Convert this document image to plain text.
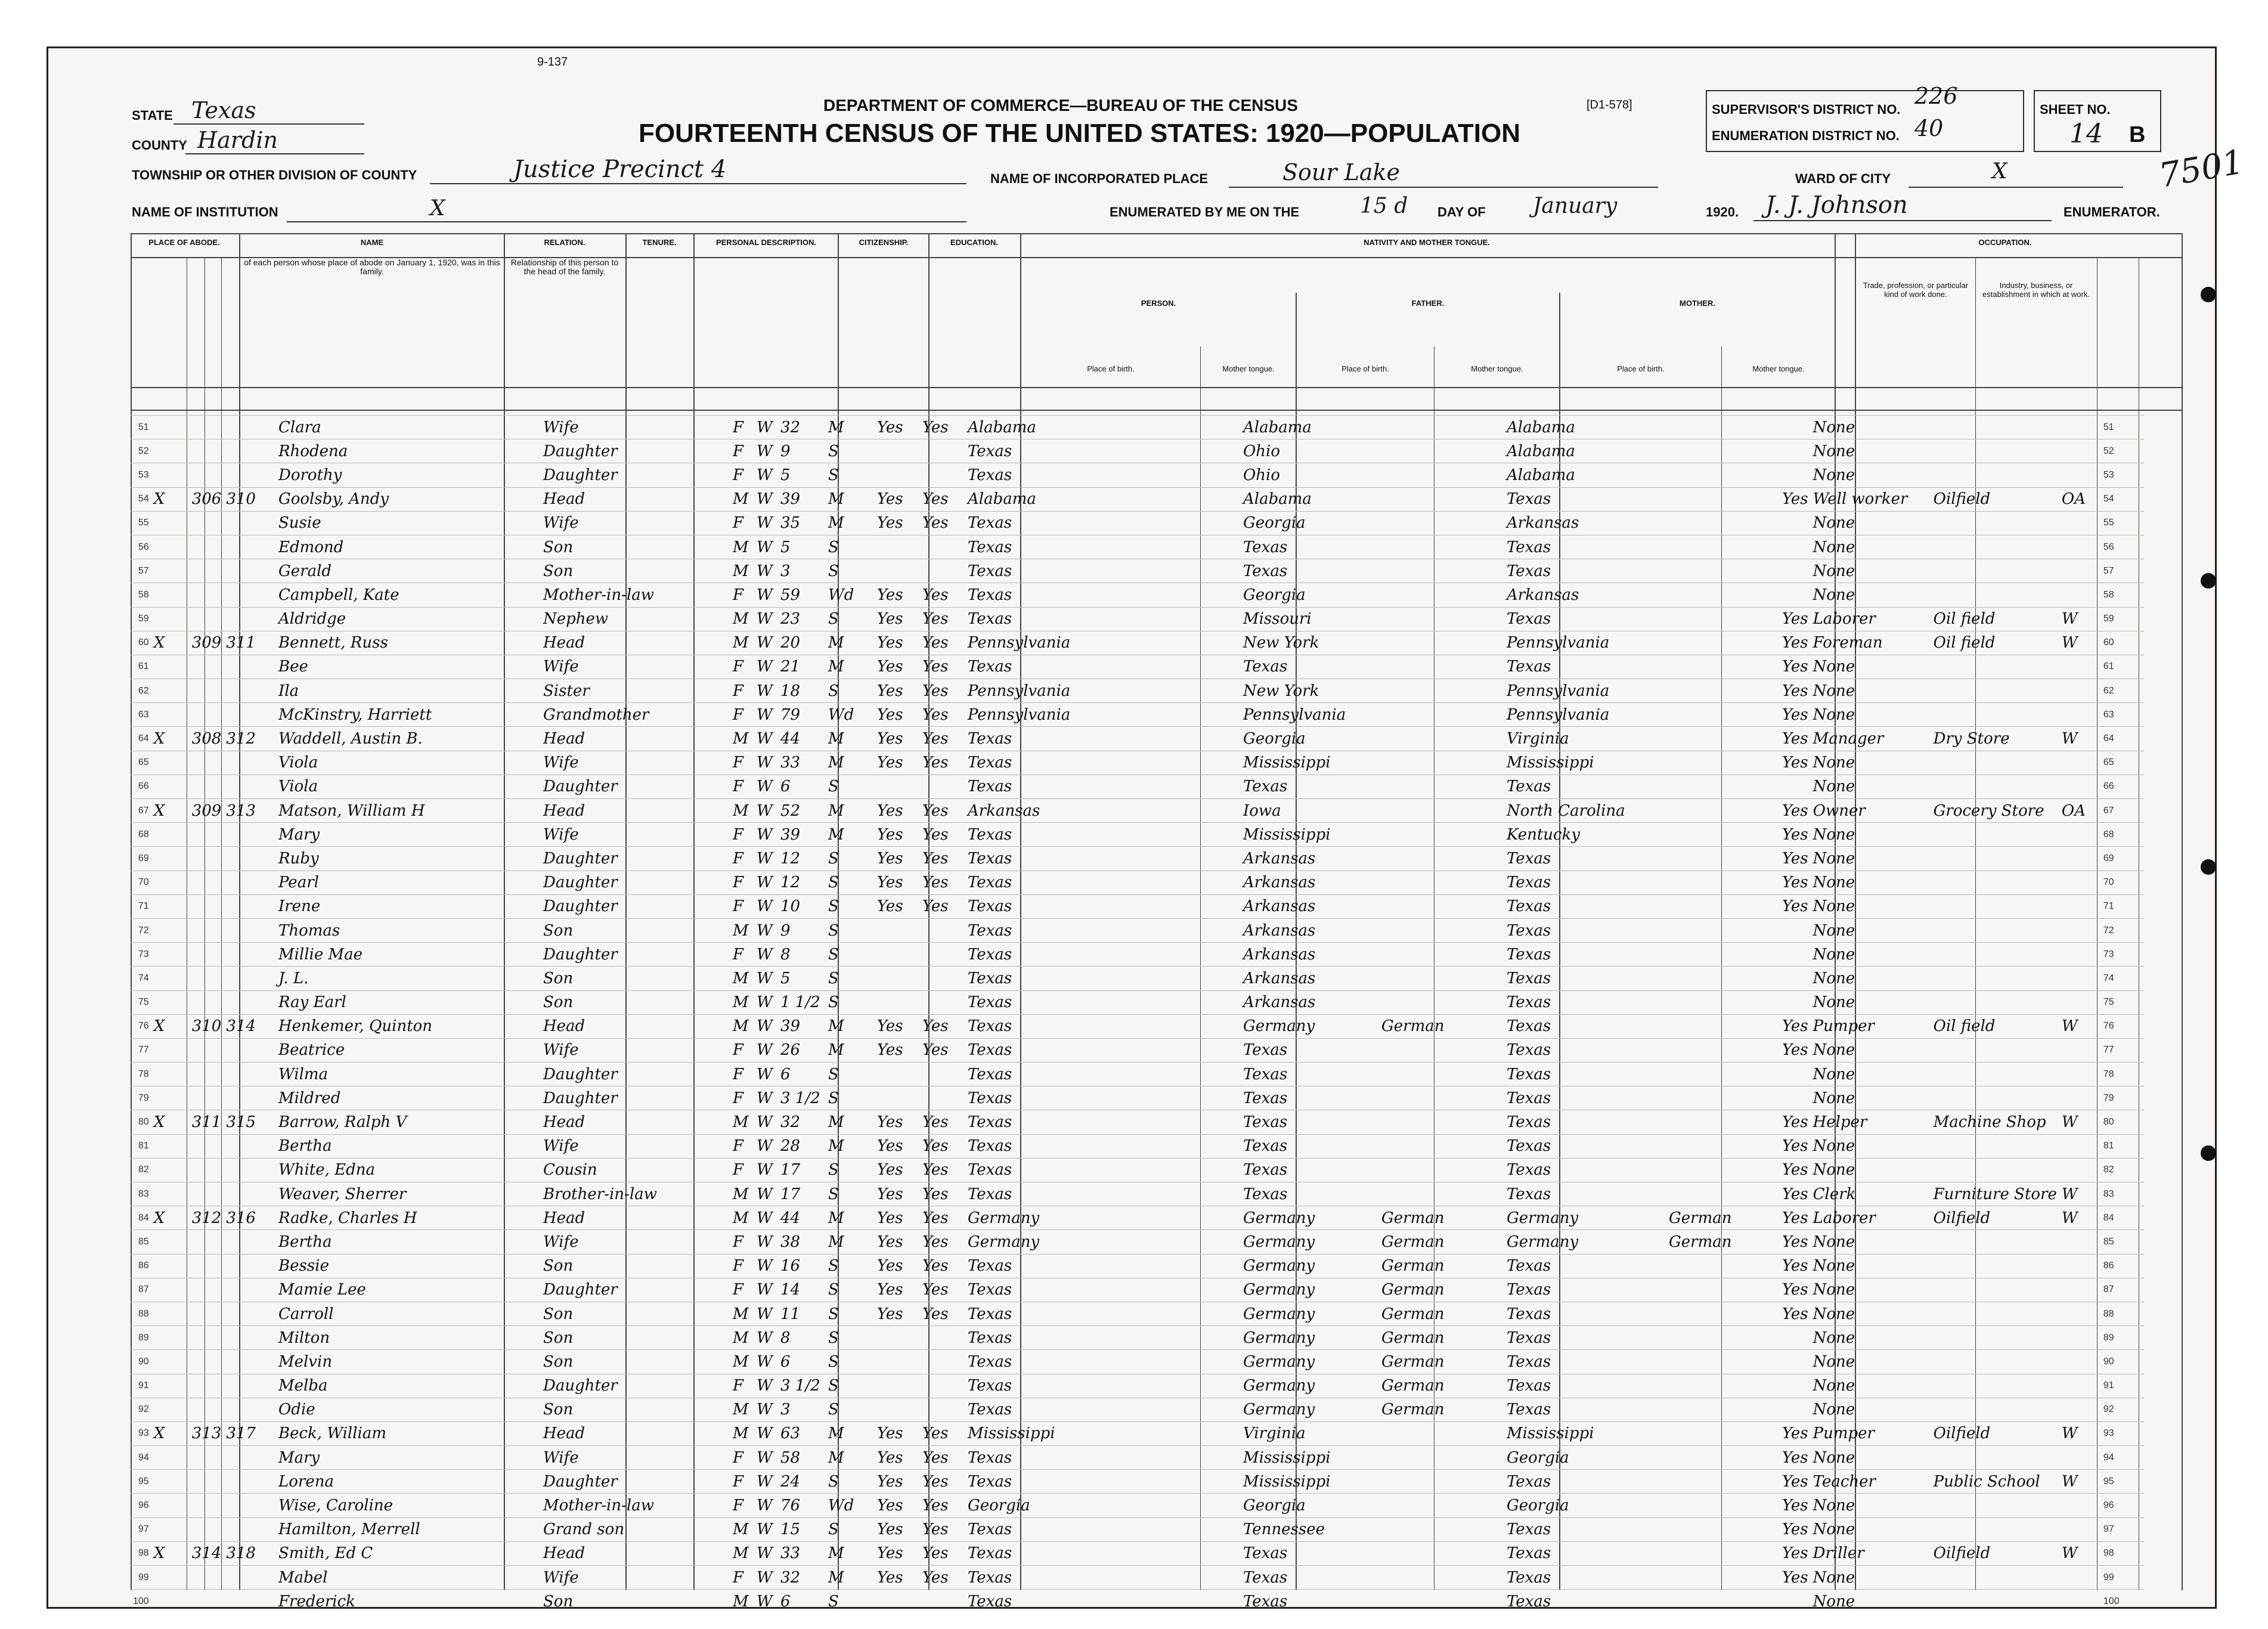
9-137
DEPARTMENT OF COMMERCE—BUREAU OF THE CENSUS	[D1-578]
FOURTEENTH CENSUS OF THE UNITED STATES: 1920—POPULATION
STATE Texas
COUNTY Hardin
TOWNSHIP OR OTHER DIVISION OF COUNTY	Justice Precinct 4
NAME OF INSTITUTION	X
NAME OF INCORPORATED PLACE	Sour Lake	WARD OF CITY	X
ENUMERATED BY ME ON THE	15 d DAY OF January	1920. J. J. Johnson	ENUMERATOR.
SUPERVISOR'S DISTRICT NO.
226
ENUMERATION DISTRICT NO. 40
SHEET NO.
14 B
7501
PLACE OF ABODE.	NAME
of each person whose place of abode on January 1, 1920, was in this family.
RELATION.
Relationship of this person to the head of the family.
TENURE.	PERSONAL DESCRIPTION.	CITIZENSHIP.	EDUCATION.	NATIVITY AND MOTHER TONGUE.
PERSON.	FATHER.	MOTHER.
Place of birth.	Mother tongue.	Place of birth.	Mother tongue.	Place of birth.	Mother tongue.
OCCUPATION.
Trade, profession, or particular kind of work done.
Industry, business, or establishment in which at work.
51					Clara	Wife		F	W	32	M	Yes	Yes	Alabama		Alabama		Alabama			None			51
52					Rhodena	Daughter		F	W	9	S			Texas		Ohio		Alabama			None			52
53					Dorothy	Daughter		F	W	5	S			Texas		Ohio		Alabama			None			53
54	X	306	310		Goolsby, Andy	Head		M	W	39	M	Yes	Yes	Alabama		Alabama		Texas		Yes	Well worker	Oilfield	OA	54
55					Susie	Wife		F	W	35	M	Yes	Yes	Texas		Georgia		Arkansas			None			55
56					Edmond	Son		M	W	5	S			Texas		Texas		Texas			None			56
57					Gerald	Son		M	W	3	S			Texas		Texas		Texas			None			57
58					Campbell, Kate	Mother-in-law		F	W	59	Wd	Yes	Yes	Texas		Georgia		Arkansas			None			58
59					Aldridge	Nephew		M	W	23	S	Yes	Yes	Texas		Missouri		Texas		Yes	Laborer	Oil field	W	59
60	X	309	311		Bennett, Russ	Head		M	W	20	M	Yes	Yes	Pennsylvania		New York		Pennsylvania		Yes	Foreman	Oil field	W	60
61					Bee	Wife		F	W	21	M	Yes	Yes	Texas		Texas		Texas		Yes	None			61
62					Ila	Sister		F	W	18	S	Yes	Yes	Pennsylvania		New York		Pennsylvania		Yes	None			62
63					McKinstry, Harriett	Grandmother		F	W	79	Wd	Yes	Yes	Pennsylvania		Pennsylvania		Pennsylvania		Yes	None			63
64	X	308	312		Waddell, Austin B.	Head		M	W	44	M	Yes	Yes	Texas		Georgia		Virginia		Yes	Manager	Dry Store	W	64
65					Viola	Wife		F	W	33	M	Yes	Yes	Texas		Mississippi		Mississippi		Yes	None			65
66					Viola	Daughter		F	W	6	S			Texas		Texas		Texas			None			66
67	X	309	313		Matson, William H	Head		M	W	52	M	Yes	Yes	Arkansas		Iowa		North Carolina		Yes	Owner	Grocery Store	OA	67
68					Mary	Wife		F	W	39	M	Yes	Yes	Texas		Mississippi		Kentucky		Yes	None			68
69					Ruby	Daughter		F	W	12	S	Yes	Yes	Texas		Arkansas		Texas		Yes	None			69
70					Pearl	Daughter		F	W	12	S	Yes	Yes	Texas		Arkansas		Texas		Yes	None			70
71					Irene	Daughter		F	W	10	S	Yes	Yes	Texas		Arkansas		Texas		Yes	None			71
72					Thomas	Son		M	W	9	S			Texas		Arkansas		Texas			None			72
73					Millie Mae	Daughter		F	W	8	S			Texas		Arkansas		Texas			None			73
74					J. L.	Son		M	W	5	S			Texas		Arkansas		Texas			None			74
75					Ray Earl	Son		M	W	1 1/2	S			Texas		Arkansas		Texas			None			75
76	X	310	314		Henkemer, Quinton	Head		M	W	39	M	Yes	Yes	Texas		Germany	German	Texas		Yes	Pumper	Oil field	W	76
77					Beatrice	Wife		F	W	26	M	Yes	Yes	Texas		Texas		Texas		Yes	None			77
78					Wilma	Daughter		F	W	6	S			Texas		Texas		Texas			None			78
79					Mildred	Daughter		F	W	3 1/2	S			Texas		Texas		Texas			None			79
80	X	311	315		Barrow, Ralph V	Head		M	W	32	M	Yes	Yes	Texas		Texas		Texas		Yes	Helper	Machine Shop	W	80
81					Bertha	Wife		F	W	28	M	Yes	Yes	Texas		Texas		Texas		Yes	None			81
82					White, Edna	Cousin		F	W	17	S	Yes	Yes	Texas		Texas		Texas		Yes	None			82
83					Weaver, Sherrer	Brother-in-law		M	W	17	S	Yes	Yes	Texas		Texas		Texas		Yes	Clerk	Furniture Store	W	83
84	X	312	316		Radke, Charles H	Head		M	W	44	M	Yes	Yes	Germany		Germany	German	Germany	German	Yes	Laborer	Oilfield	W	84
85					Bertha	Wife		F	W	38	M	Yes	Yes	Germany		Germany	German	Germany	German	Yes	None			85
86					Bessie	Son		F	W	16	S	Yes	Yes	Texas		Germany	German	Texas		Yes	None			86
87					Mamie Lee	Daughter		F	W	14	S	Yes	Yes	Texas		Germany	German	Texas		Yes	None			87
88					Carroll	Son		M	W	11	S	Yes	Yes	Texas		Germany	German	Texas		Yes	None			88
89					Milton	Son		M	W	8	S			Texas		Germany	German	Texas			None			89
90					Melvin	Son		M	W	6	S			Texas		Germany	German	Texas			None			90
91					Melba	Daughter		F	W	3 1/2	S			Texas		Germany	German	Texas			None			91
92					Odie	Son		M	W	3	S			Texas		Germany	German	Texas			None			92
93	X	313	317		Beck, William	Head		M	W	63	M	Yes	Yes	Mississippi		Virginia		Mississippi		Yes	Pumper	Oilfield	W	93
94					Mary	Wife		F	W	58	M	Yes	Yes	Texas		Mississippi		Georgia		Yes	None			94
95					Lorena	Daughter		F	W	24	S	Yes	Yes	Texas		Mississippi		Texas		Yes	Teacher	Public School	W	95
96					Wise, Caroline	Mother-in-law		F	W	76	Wd	Yes	Yes	Georgia		Georgia		Georgia		Yes	None			96
97					Hamilton, Merrell	Grand son		M	W	15	S	Yes	Yes	Texas		Tennessee		Texas		Yes	None			97
98	X	314	318		Smith, Ed C	Head		M	W	33	M	Yes	Yes	Texas		Texas		Texas		Yes	Driller	Oilfield	W	98
99					Mabel	Wife		F	W	32	M	Yes	Yes	Texas		Texas		Texas		Yes	None			99
100					Frederick	Son		M	W	6	S			Texas		Texas		Texas			None			100
